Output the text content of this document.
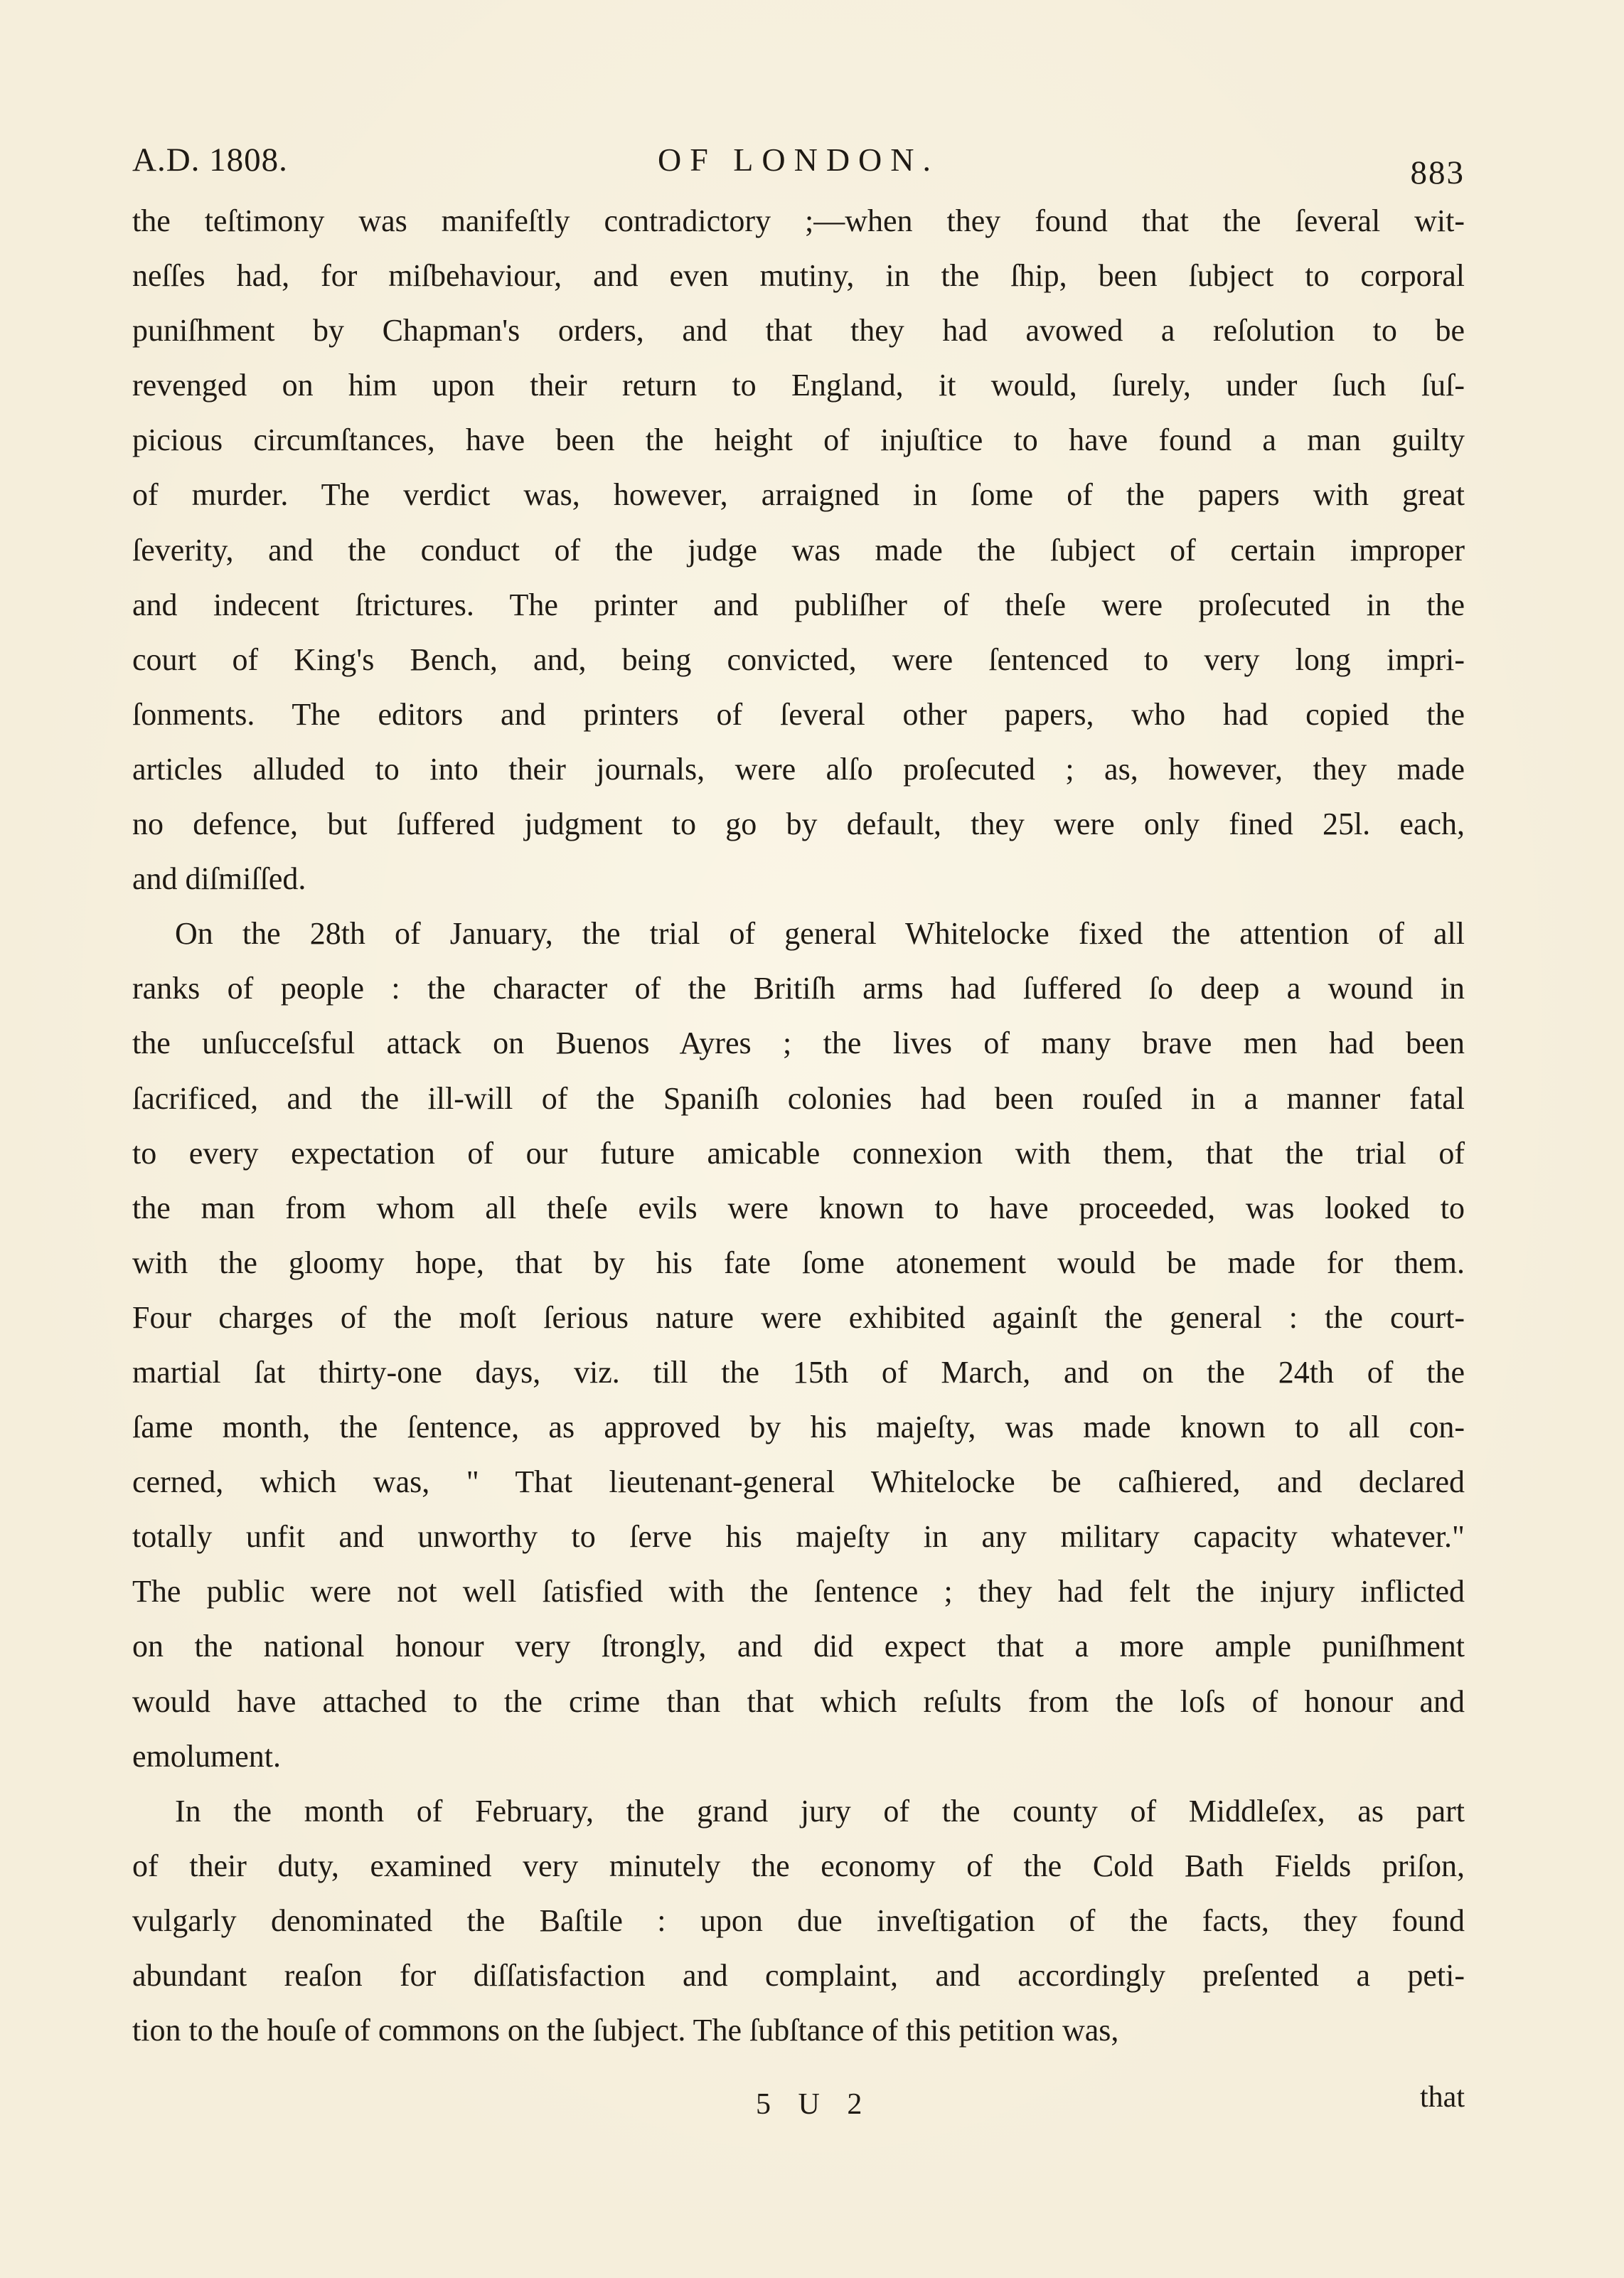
A.D. 1808.	OF LONDON.	883
the teſtimony was manifeſtly contradictory ;—when they found that the ſeveral wit-
neſſes had, for miſbehaviour, and even mutiny, in the ſhip, been ſubject to corporal
puniſhment by Chapman's orders, and that they had avowed a reſolution to be
revenged on him upon their return to England, it would, ſurely, under ſuch ſuſ-
picious circumſtances, have been the height of injuſtice to have found a man guilty
of murder. The verdict was, however, arraigned in ſome of the papers with great
ſeverity, and the conduct of the judge was made the ſubject of certain improper
and indecent ſtrictures. The printer and publiſher of theſe were proſecuted in the
court of King's Bench, and, being convicted, were ſentenced to very long impri-
ſonments. The editors and printers of ſeveral other papers, who had copied the
articles alluded to into their journals, were alſo proſecuted ; as, however, they made
no defence, but ſuffered judgment to go by default, they were only fined 25l. each,
and diſmiſſed.
On the 28th of January, the trial of general Whitelocke fixed the attention of all
ranks of people : the character of the Britiſh arms had ſuffered ſo deep a wound in
the unſucceſsful attack on Buenos Ayres ; the lives of many brave men had been
ſacrificed, and the ill-will of the Spaniſh colonies had been rouſed in a manner fatal
to every expectation of our future amicable connexion with them, that the trial of
the man from whom all theſe evils were known to have proceeded, was looked to
with the gloomy hope, that by his fate ſome atonement would be made for them.
Four charges of the moſt ſerious nature were exhibited againſt the general : the court-
martial ſat thirty-one days, viz. till the 15th of March, and on the 24th of the
ſame month, the ſentence, as approved by his majeſty, was made known to all con-
cerned, which was, " That lieutenant-general Whitelocke be caſhiered, and declared
totally unfit and unworthy to ſerve his majeſty in any military capacity whatever."
The public were not well ſatisfied with the ſentence ; they had felt the injury inflicted
on the national honour very ſtrongly, and did expect that a more ample puniſhment
would have attached to the crime than that which reſults from the loſs of honour and
emolument.
In the month of February, the grand jury of the county of Middleſex, as part
of their duty, examined very minutely the economy of the Cold Bath Fields priſon,
vulgarly denominated the Baſtile : upon due inveſtigation of the facts, they found
abundant reaſon for diſſatisfaction and complaint, and accordingly preſented a peti-
tion to the houſe of commons on the ſubject. The ſubſtance of this petition was,
5 U 2	that
